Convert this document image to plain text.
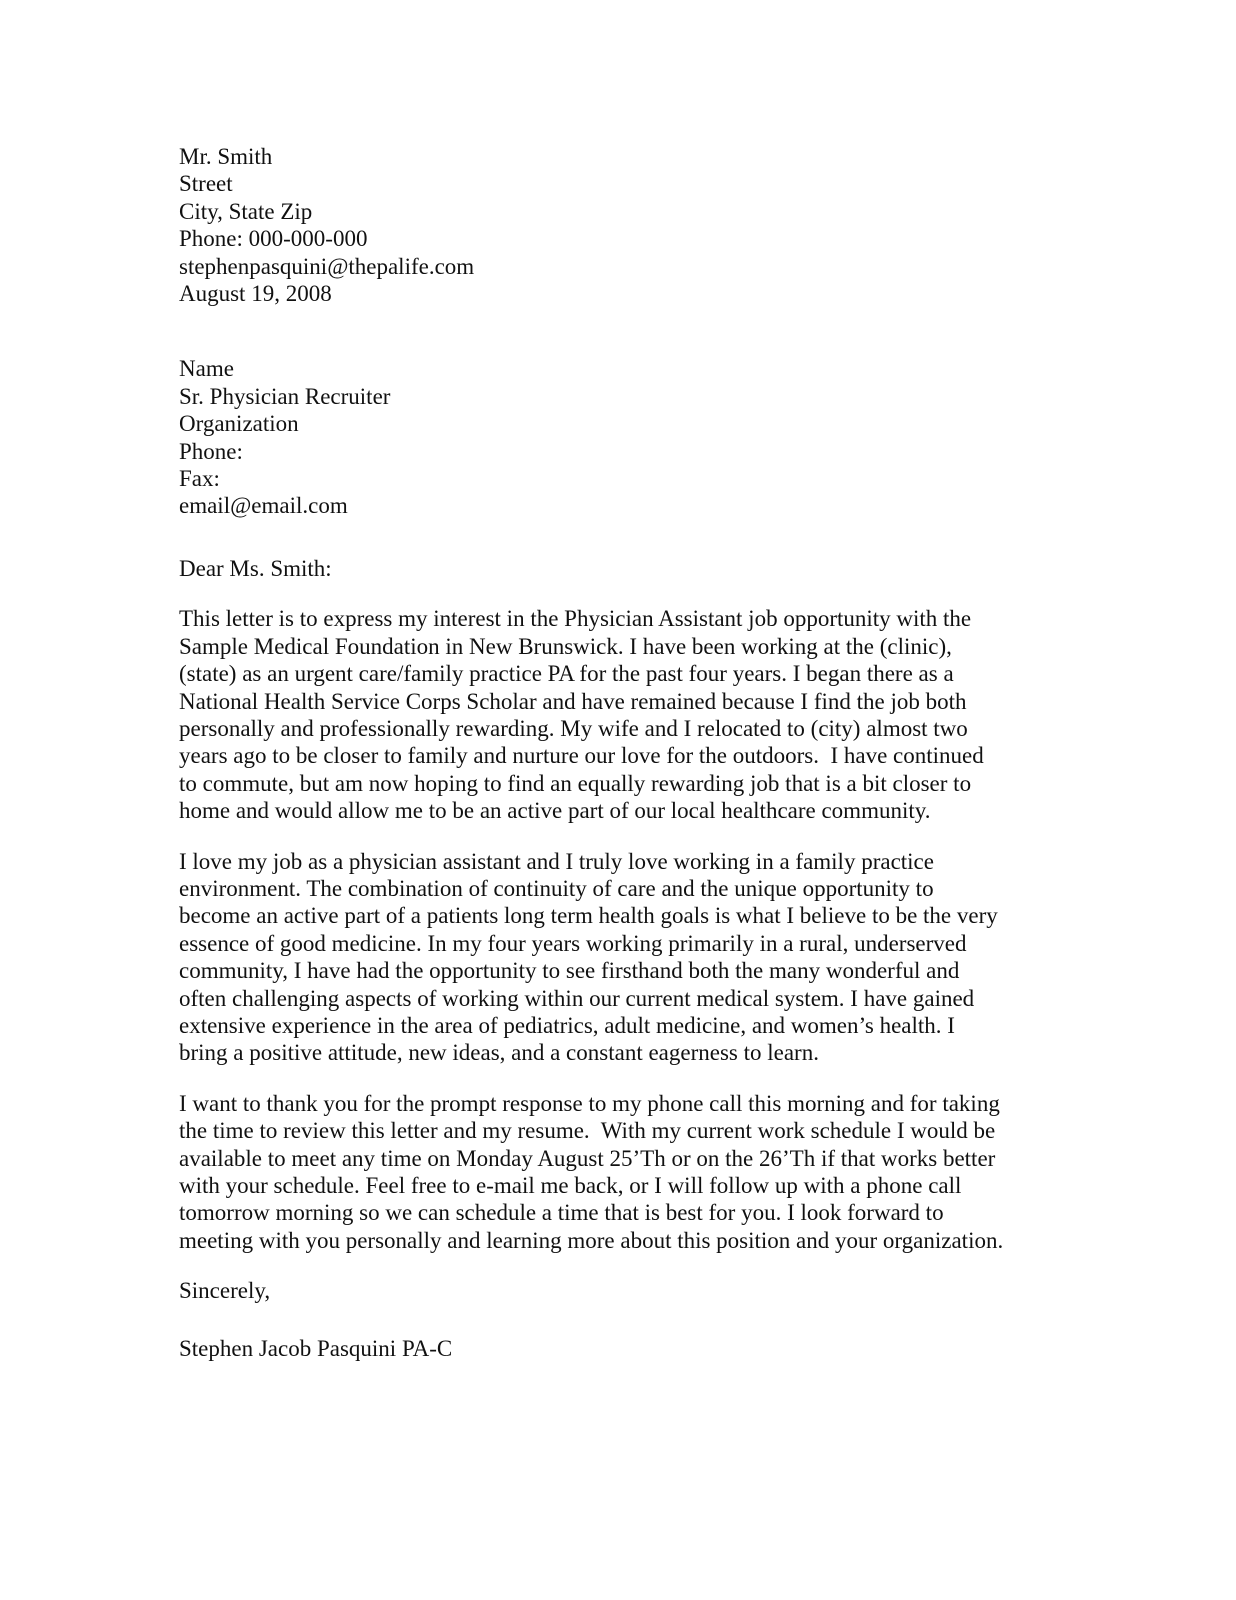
Mr. Smith
Street
City, State Zip
Phone: 000-000-000
stephenpasquini@thepalife.com
August 19, 2008
Name
Sr. Physician Recruiter
Organization
Phone:
Fax:
email@email.com
Dear Ms. Smith:
This letter is to express my interest in the Physician Assistant job opportunity with the
Sample Medical Foundation in New Brunswick. I have been working at the (clinic),
(state) as an urgent care/family practice PA for the past four years. I began there as a
National Health Service Corps Scholar and have remained because I find the job both
personally and professionally rewarding. My wife and I relocated to (city) almost two
years ago to be closer to family and nurture our love for the outdoors.  I have continued
to commute, but am now hoping to find an equally rewarding job that is a bit closer to
home and would allow me to be an active part of our local healthcare community.
I love my job as a physician assistant and I truly love working in a family practice
environment. The combination of continuity of care and the unique opportunity to
become an active part of a patients long term health goals is what I believe to be the very
essence of good medicine. In my four years working primarily in a rural, underserved
community, I have had the opportunity to see firsthand both the many wonderful and
often challenging aspects of working within our current medical system. I have gained
extensive experience in the area of pediatrics, adult medicine, and women’s health. I
bring a positive attitude, new ideas, and a constant eagerness to learn.
I want to thank you for the prompt response to my phone call this morning and for taking
the time to review this letter and my resume.  With my current work schedule I would be
available to meet any time on Monday August 25’Th or on the 26’Th if that works better
with your schedule. Feel free to e-mail me back, or I will follow up with a phone call
tomorrow morning so we can schedule a time that is best for you. I look forward to
meeting with you personally and learning more about this position and your organization.
Sincerely,
Stephen Jacob Pasquini PA-C
